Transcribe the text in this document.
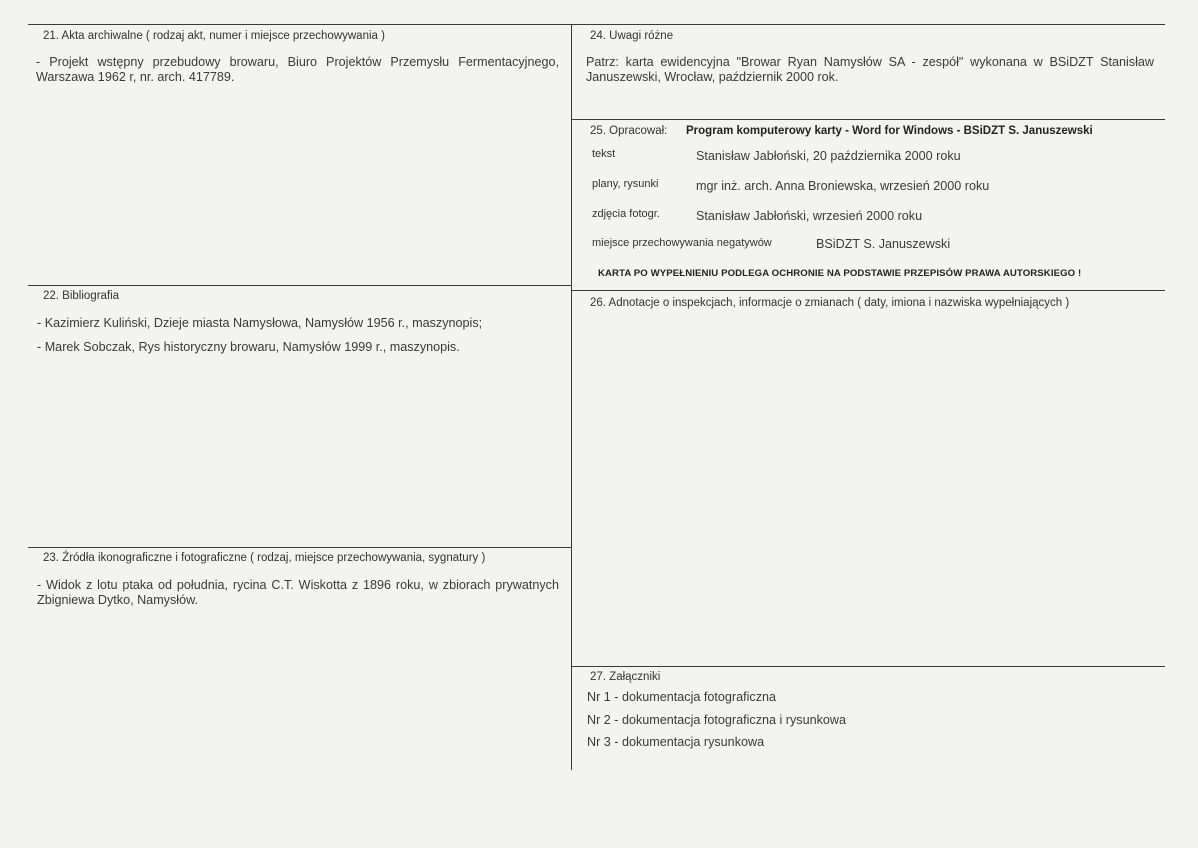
21. Akta archiwalne ( rodzaj akt, numer i miejsce przechowywania )
- Projekt wstępny przebudowy browaru, Biuro Projektów Przemysłu Fermentacyjnego, Warszawa 1962 r, nr. arch. 417789.
22. Bibliografia
- Kazimierz Kuliński, Dzieje miasta Namysłowa, Namysłów 1956 r., maszynopis;
- Marek Sobczak, Rys historyczny browaru, Namysłów 1999 r., maszynopis.
23. Źródła ikonograficzne i fotograficzne ( rodzaj, miejsce przechowywania, sygnatury )
- Widok z lotu ptaka od południa, rycina C.T. Wiskotta z 1896 roku, w zbiorach prywatnych Zbigniewa Dytko, Namysłów.
24. Uwagi różne
Patrz: karta ewidencyjna "Browar Ryan Namysłów SA - zespół" wykonana w BSiDZT Stanisław Januszewski, Wrocław, październik 2000 rok.
25. Opracował: Program komputerowy karty - Word for Windows - BSiDZT S. Januszewski
tekst	Stanisław Jabłoński, 20 października 2000 roku
plany, rysunki	mgr inż. arch. Anna Broniewska, wrzesień 2000 roku
zdjęcia fotogr.	Stanisław Jabłoński, wrzesień 2000 roku
miejsce przechowywania negatywów	BSiDZT S. Januszewski
KARTA PO WYPEŁNIENIU PODLEGA OCHRONIE NA PODSTAWIE PRZEPISÓW PRAWA AUTORSKIEGO !
26. Adnotacje o inspekcjach, informacje o zmianach ( daty, imiona i nazwiska wypełniających )
27. Załączniki
Nr 1 - dokumentacja fotograficzna
Nr 2 - dokumentacja fotograficzna i rysunkowa
Nr 3 - dokumentacja rysunkowa
